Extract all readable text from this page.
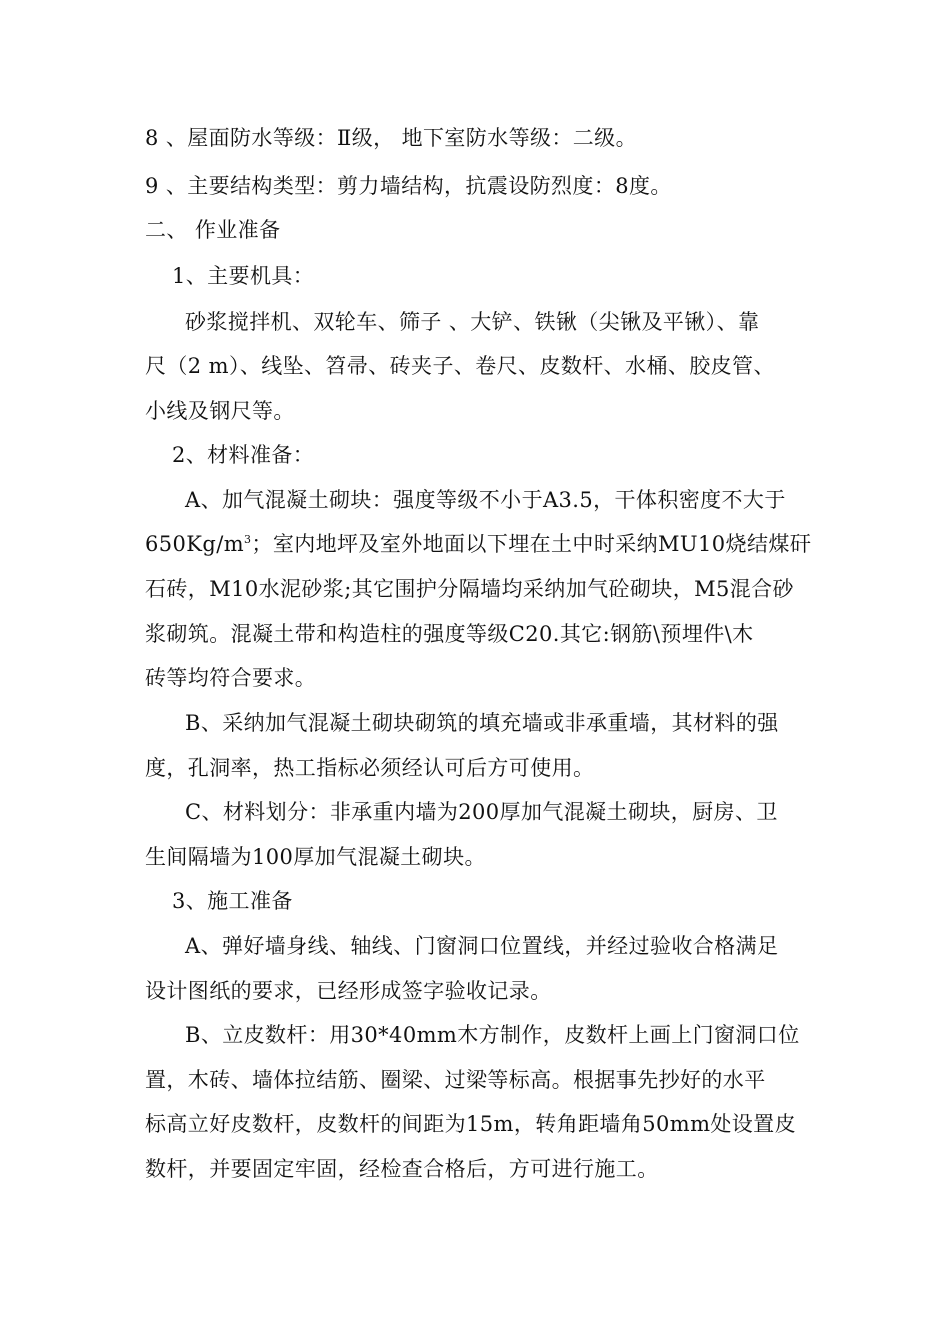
8 、屋面防水等级：Ⅱ级， 地下室防水等级：二级。
9 、主要结构类型：剪力墙结构，抗震设防烈度：8度。
二、 作业准备
1、主要机具：
砂浆搅拌机、双轮车、筛子 、大铲、铁锹（尖锹及平锹）、靠
尺（2 m）、线坠、笤帚、砖夹子、卷尺、皮数杆、水桶、胶皮管、
小线及钢尺等。
2、材料准备：
A、加气混凝土砌块：强度等级不小于A3.5，干体积密度不大于
$650Kg/m^3$；室内地坪及室外地面以下埋在土中时采纳MU10烧结煤矸
石砖，M10水泥砂浆;其它围护分隔墙均采纳加气砼砌块，M5混合砂
浆砌筑。混凝土带和构造柱的强度等级C20.其它:钢筋\预埋件\木
砖等均符合要求。
B、采纳加气混凝土砌块砌筑的填充墙或非承重墙，其材料的强
度，孔洞率，热工指标必须经认可后方可使用。
C、材料划分：非承重内墙为200厚加气混凝土砌块，厨房、卫
生间隔墙为100厚加气混凝土砌块。
3、施工准备
A、弹好墙身线、轴线、门窗洞口位置线，并经过验收合格满足
设计图纸的要求，已经形成签字验收记录。
B、立皮数杆：用30*40mm木方制作，皮数杆上画上门窗洞口位
置，木砖、墙体拉结筋、圈梁、过梁等标高。根据事先抄好的水平
标高立好皮数杆，皮数杆的间距为15m，转角距墙角50mm处设置皮
数杆，并要固定牢固，经检查合格后，方可进行施工。
